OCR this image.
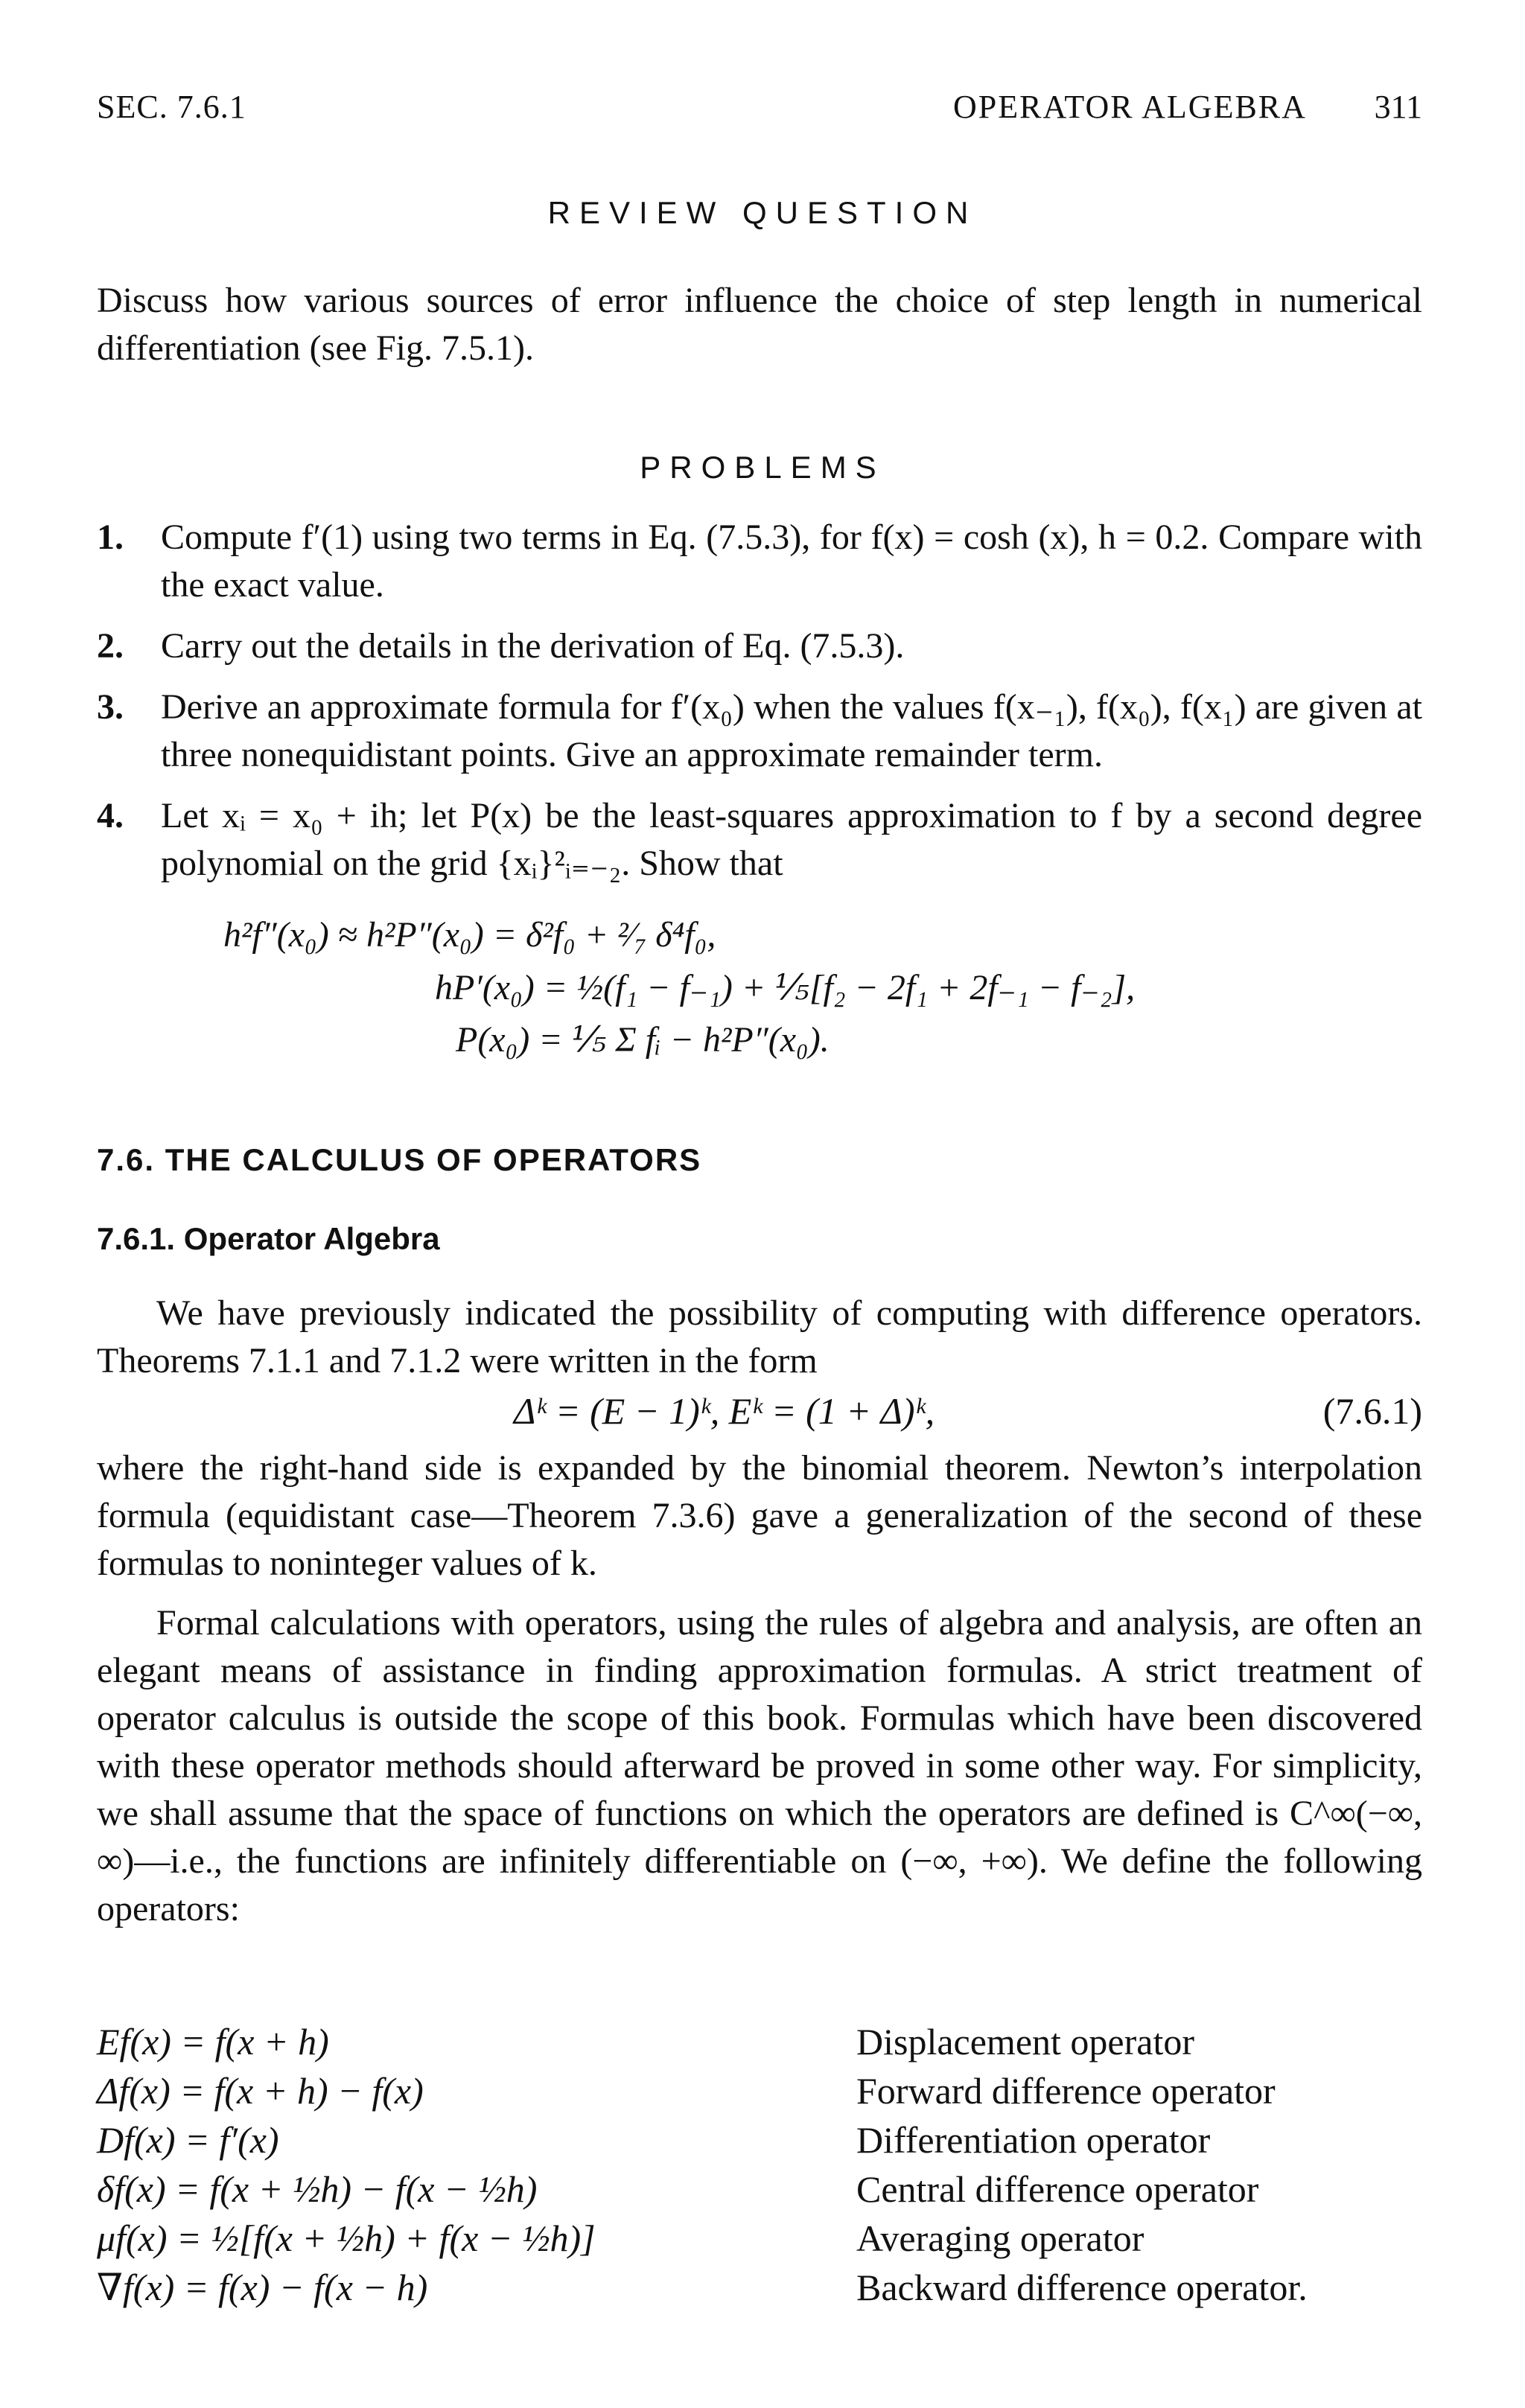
SEC. 7.6.1	OPERATOR ALGEBRA 311
REVIEW QUESTION
Discuss how various sources of error influence the choice of step length in numerical differentiation (see Fig. 7.5.1).
PROBLEMS
1. Compute f′(1) using two terms in Eq. (7.5.3), for f(x) = cosh (x), h = 0.2. Compare with the exact value.
2. Carry out the details in the derivation of Eq. (7.5.3).
3. Derive an approximate formula for f′(x₀) when the values f(x₋₁), f(x₀), f(x₁) are given at three nonequidistant points. Give an approximate remainder term.
4. Let xᵢ = x₀ + ih; let P(x) be the least-squares approximation to f by a second degree polynomial on the grid {xᵢ}²ᵢ₌₋₂. Show that
h²f″(x₀) ≈ h²P″(x₀) = δ²f₀ + ²⁄₇ δ⁴f₀,
hP′(x₀) = ½(f₁ − f₋₁) + ⅕[f₂ − 2f₁ + 2f₋₁ − f₋₂],
P(x₀) = ⅕ Σ fᵢ − h²P″(x₀).
7.6. THE CALCULUS OF OPERATORS
7.6.1. Operator Algebra
We have previously indicated the possibility of computing with difference operators. Theorems 7.1.1 and 7.1.2 were written in the form
Δᵏ = (E − 1)ᵏ, Eᵏ = (1 + Δ)ᵏ,	(7.6.1)
where the right-hand side is expanded by the binomial theorem. Newton’s interpolation formula (equidistant case—Theorem 7.3.6) gave a generalization of the second of these formulas to noninteger values of k.
Formal calculations with operators, using the rules of algebra and analysis, are often an elegant means of assistance in finding approximation formulas. A strict treatment of operator calculus is outside the scope of this book. Formulas which have been discovered with these operator methods should afterward be proved in some other way. For simplicity, we shall assume that the space of functions on which the operators are defined is C^∞(−∞, ∞)—i.e., the functions are infinitely differentiable on (−∞, +∞). We define the following operators:
Ef(x) = f(x + h)	Displacement operator
Δf(x) = f(x + h) − f(x)	Forward difference operator
Df(x) = f′(x)	Differentiation operator
δf(x) = f(x + ½h) − f(x − ½h)	Central difference operator
μf(x) = ½[f(x + ½h) + f(x − ½h)]	Averaging operator
∇f(x) = f(x) − f(x − h)	Backward difference operator.
